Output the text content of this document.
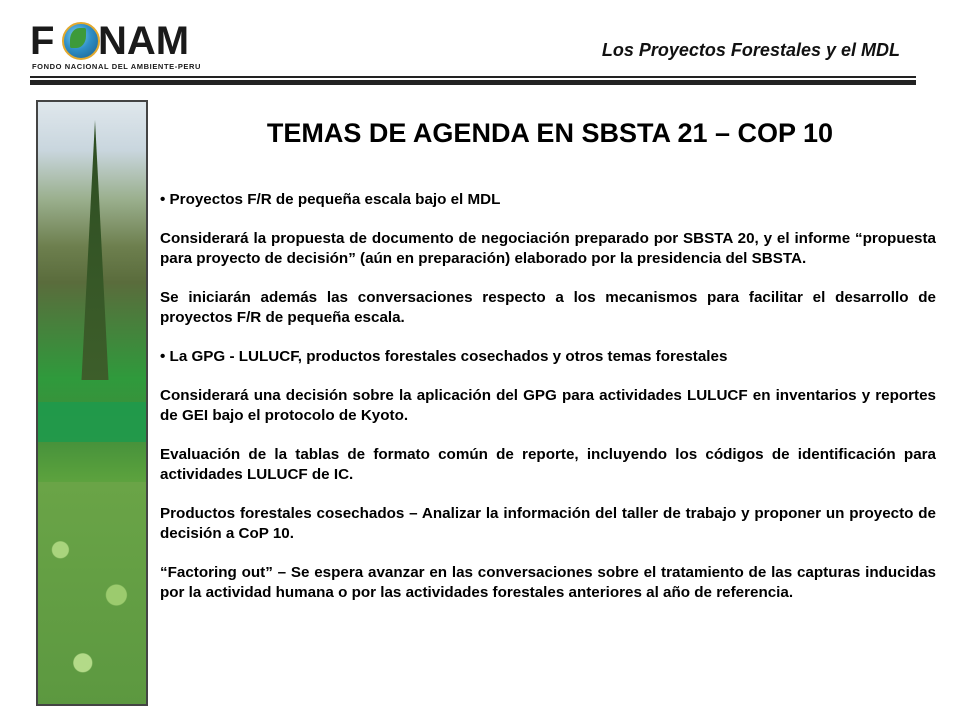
F NAM
FONDO NACIONAL DEL AMBIENTE-PERU
Los Proyectos Forestales y el MDL
TEMAS DE AGENDA EN SBSTA 21 – COP 10

• Proyectos F/R de pequeña escala bajo el MDL

Considerará la propuesta de documento de negociación preparado por SBSTA 20, y el informe “propuesta para proyecto de decisión” (aún en preparación) elaborado por la presidencia del SBSTA.

Se iniciarán además las conversaciones respecto a los mecanismos para facilitar el desarrollo de proyectos F/R de pequeña escala.

• La GPG - LULUCF, productos forestales cosechados y otros temas forestales

Considerará una decisión sobre la aplicación del GPG para actividades LULUCF en inventarios y reportes de GEI bajo el protocolo de Kyoto.

Evaluación de la tablas de formato común de reporte, incluyendo los códigos de identificación para actividades LULUCF de IC.

Productos forestales cosechados – Analizar la información del taller de trabajo y proponer un proyecto de decisión a CoP 10.

“Factoring out” – Se espera avanzar en las conversaciones sobre el tratamiento de las capturas inducidas por la actividad humana o por las actividades forestales anteriores al año de referencia.
